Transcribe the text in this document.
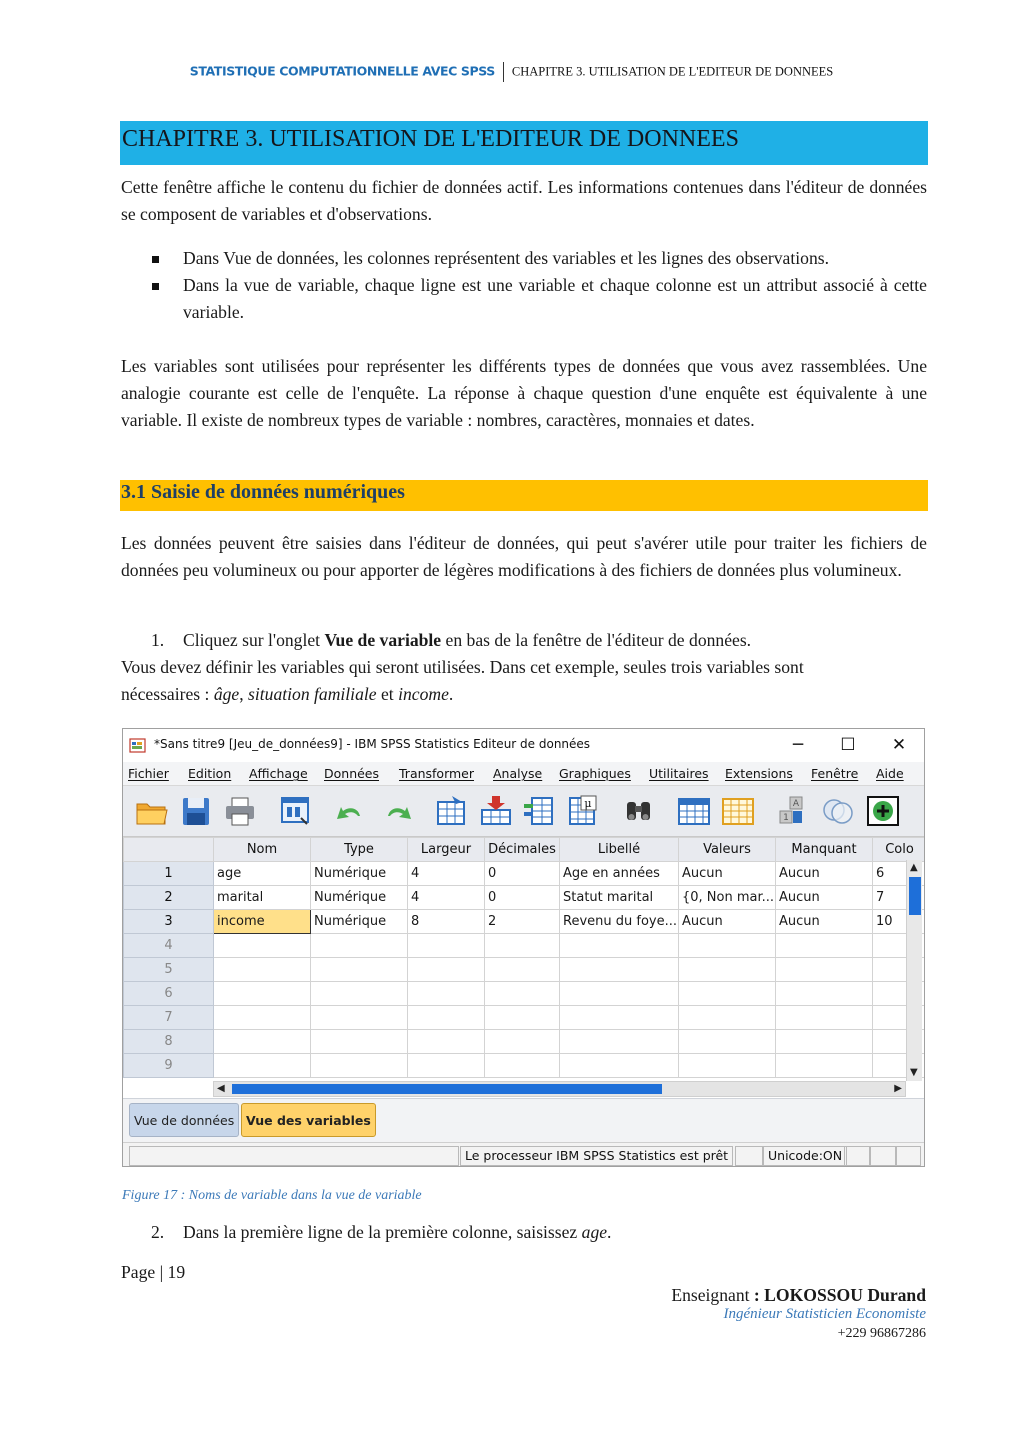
STATISTIQUE COMPUTATIONNELLE AVEC SPSS CHAPITRE 3. UTILISATION DE L'EDITEUR DE DONNEES
CHAPITRE 3. UTILISATION DE L'EDITEUR DE DONNEES
Cette fenêtre affiche le contenu du fichier de données actif. Les informations contenues dans l'éditeur de données se composent de variables et d'observations.
Dans Vue de données, les colonnes représentent des variables et les lignes des observations.
Dans la vue de variable, chaque ligne est une variable et chaque colonne est un attribut associé à cette variable.
Les variables sont utilisées pour représenter les différents types de données que vous avez rassemblées. Une analogie courante est celle de l'enquête. La réponse à chaque question d'une enquête est équivalente à une variable. Il existe de nombreux types de variable : nombres, caractères, monnaies et dates.
3.1 Saisie de données numériques
Les données peuvent être saisies dans l'éditeur de données, qui peut s'avérer utile pour traiter les fichiers de données peu volumineux ou pour apporter de légères modifications à des fichiers de données plus volumineux.
1. Cliquez sur l'onglet Vue de variable en bas de la fenêtre de l'éditeur de données.
Vous devez définir les variables qui seront utilisées. Dans cet exemple, seules trois variables sont
nécessaires : âge, situation familiale et income.
*Sans titre9 [Jeu_de_données9] - IBM SPSS Statistics Editeur de données	─	☐	✕
Fichier Edition Affichage Données Transformer Analyse Graphiques Utilitaires Extensions Fenêtre Aide
μ	A
1
	Nom	Type	Largeur	Décimales	Libellé	Valeurs	Manquant	Colo
1	age	Numérique	4	0	Age en années	Aucun	Aucun	6
2	marital	Numérique	4	0	Statut marital	{0, Non mar...	Aucun	7
3	income	Numérique	8	2	Revenu du foye...	Aucun	Aucun	10
4								
5								
6								
7								
8								
9								
▲
▼
◀	▶
Vue de données Vue des variables
Le processeur IBM SPSS Statistics est prêt	Unicode:ON
Figure 17 : Noms de variable dans la vue de variable
2. Dans la première ligne de la première colonne, saisissez age.
Page | 19
Enseignant : LOKOSSOU Durand
Ingénieur Statisticien Economiste
+229 96867286
